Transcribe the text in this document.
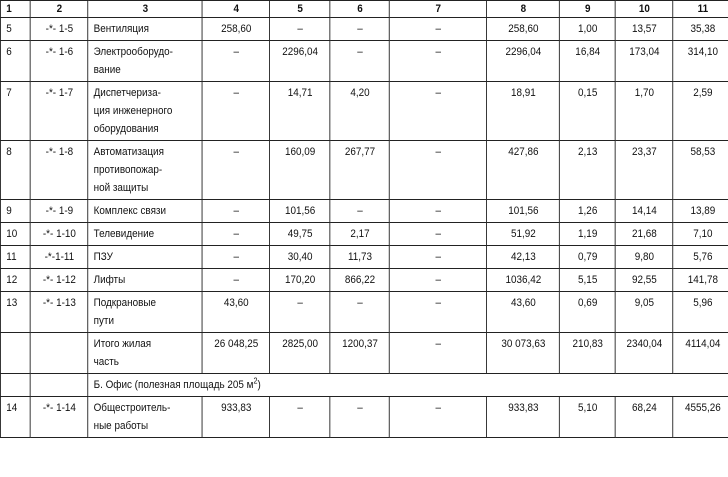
1	2	3	4	5	6	7	8	9	10	11
5	-*- 1-5	Вентиляция	258,60	–	–	–	258,60	1,00	13,57	35,38
6	-*- 1-6	Электрооборудо-
вание	–	2296,04	–	–	2296,04	16,84	173,04	314,10
7	-*- 1-7	Диспетчериза-
ция инженерного
оборудования	–	14,71	4,20	–	18,91	0,15	1,70	2,59
8	-*- 1-8	Автоматизация
противопожар-
ной защиты	–	160,09	267,77	–	427,86	2,13	23,37	58,53
9	-*- 1-9	Комплекс связи	–	101,56	–	–	101,56	1,26	14,14	13,89
10	-*- 1-10	Телевидение	–	49,75	2,17	–	51,92	1,19	21,68	7,10
11	-*-1-11	ПЗУ	–	30,40	11,73	–	42,13	0,79	9,80	5,76
12	-*- 1-12	Лифты	–	170,20	866,22	–	1036,42	5,15	92,55	141,78
13	-*- 1-13	Подкрановые
пути	43,60	–	–	–	43,60	0,69	9,05	5,96
		Итого жилая
часть	26 048,25	2825,00	1200,37	–	30 073,63	210,83	2340,04	4114,04
		Б. Офис (полезная площадь 205 $м^2$)								
14	-*- 1-14	Общестроитель-
ные работы	933,83	–	–	–	933,83	5,10	68,24	4555,26
